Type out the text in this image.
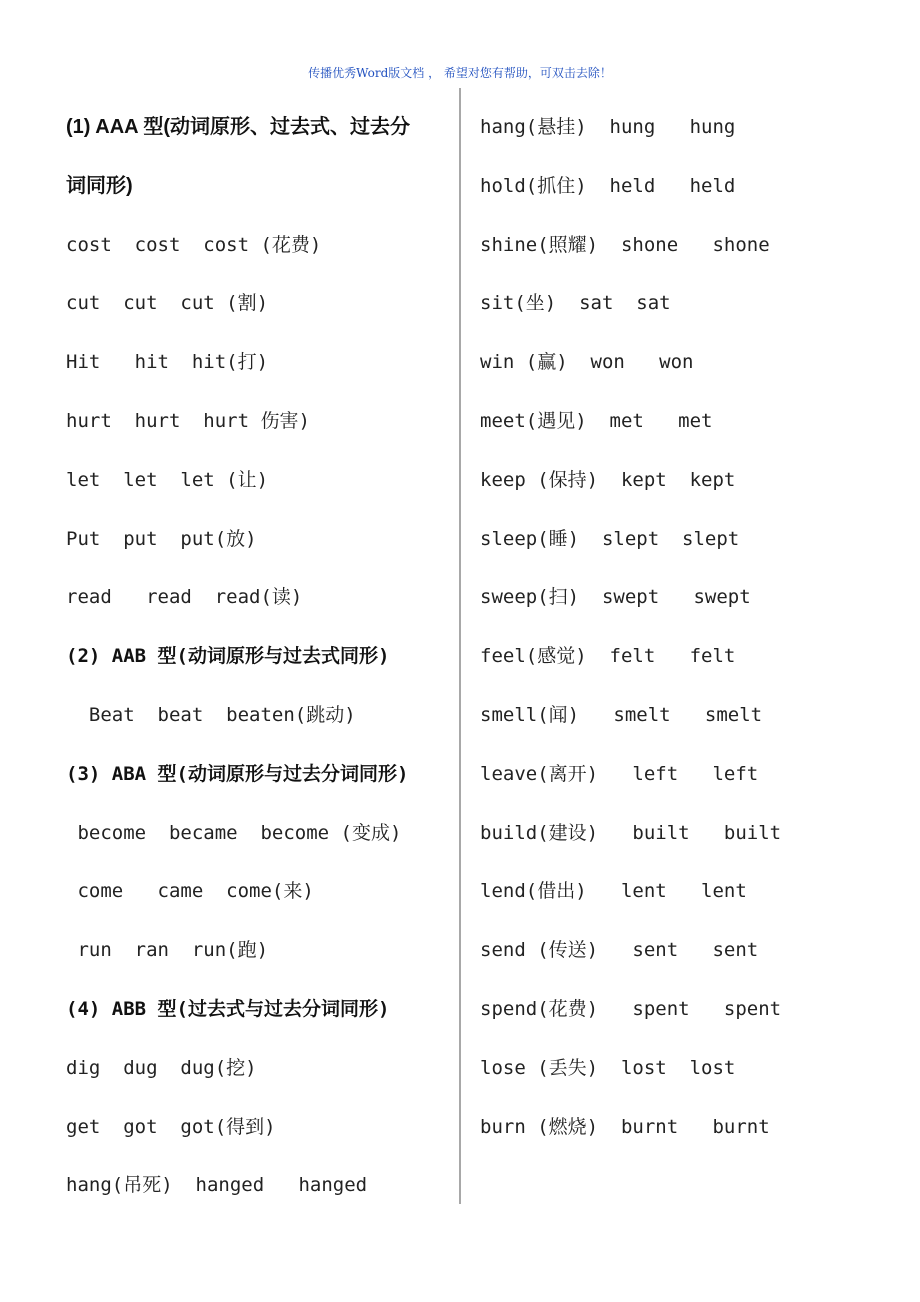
传播优秀Word版文档 ， 希望对您有帮助，可双击去除！
(1) AAA 型(动词原形、过去式、过去分
词同形)
cost  cost  cost (花费)
cut  cut  cut (割)
Hit   hit  hit(打)
hurt  hurt  hurt 伤害)
let  let  let (让)
Put  put  put(放)
read   read  read(读)
(2) AAB 型(动词原形与过去式同形)
Beat  beat  beaten(跳动)
(3) ABA 型(动词原形与过去分词同形)
become  became  become (变成)
come   came  come(来)
run  ran  run(跑)
(4) ABB 型(过去式与过去分词同形)
dig  dug  dug(挖)
get  got  got(得到)
hang(吊死)  hanged   hanged
hang(悬挂)  hung   hung
hold(抓住)  held   held
shine(照耀)  shone   shone
sit(坐)  sat  sat
win (赢)  won   won
meet(遇见)  met   met
keep (保持)  kept  kept
sleep(睡)  slept  slept
sweep(扫)  swept   swept
feel(感觉)  felt   felt
smell(闻)   smelt   smelt
leave(离开)   left   left
build(建设)   built   built
lend(借出)   lent   lent
send (传送)   sent   sent
spend(花费)   spent   spent
lose (丢失)  lost  lost
burn (燃烧)  burnt   burnt
